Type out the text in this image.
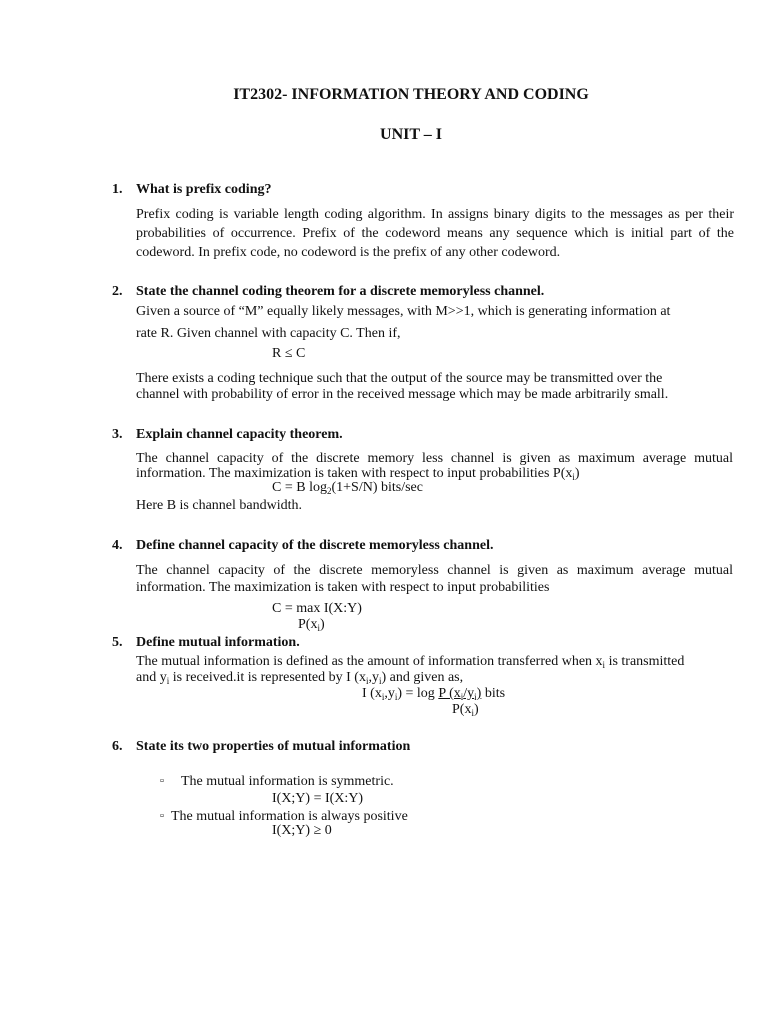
IT2302- INFORMATION THEORY AND CODING
UNIT – I
1. What is prefix coding?
Prefix coding is variable length coding algorithm. In assigns binary digits to the messages as per their probabilities of occurrence. Prefix of the codeword means any sequence which is initial part of the codeword. In prefix code, no codeword is the prefix of any other codeword.
2. State the channel coding theorem for a discrete memoryless channel.
Given a source of “M” equally likely messages, with M>>1, which is generating information at
rate R. Given channel with capacity C. Then if,
R ≤ C
There exists a coding technique such that the output of the source may be transmitted over the
channel with probability of error in the received message which may be made arbitrarily small.
3. Explain channel capacity theorem.
The channel capacity of the discrete memory less channel is given as maximum average mutual
information. The maximization is taken with respect to input probabilities $P(x_i)$
C = B $\log_2(1+S/N)$ bits/sec
Here B is channel bandwidth.
4. Define channel capacity of the discrete memoryless channel.
The channel capacity of the discrete memoryless channel is given as maximum average mutual
information. The maximization is taken with respect to input probabilities
C = max I(X:Y)
$P(x_i)$
5. Define mutual information.
The mutual information is defined as the amount of information transferred when $x_i$ is transmitted
and $y_i$ is received.it is represented by I $(x_i,y_i)$ and given as,
I $(x_i,y_i) = \log P$ $(x_i/y_i)$ bits
$P(x_i)$
6. State its two properties of mutual information
▫ The mutual information is symmetric.
I(X;Y) = I(X:Y)
▫ The mutual information is always positive
I(X;Y) ≥ 0
